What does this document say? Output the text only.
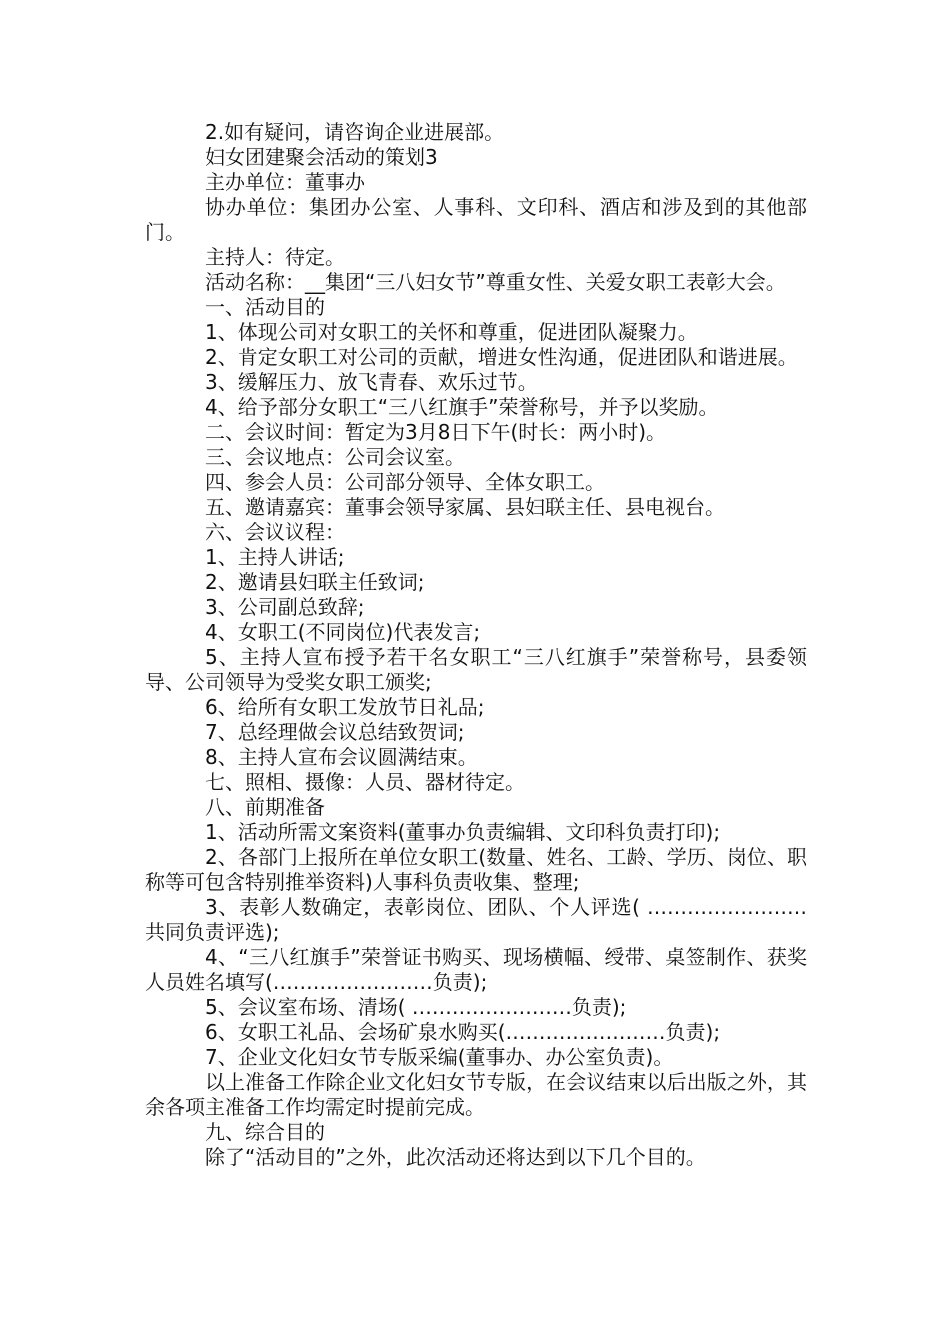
2.如有疑问，请咨询企业进展部。

妇女团建聚会活动的策划3

主办单位：董事办

协办单位：集团办公室、人事科、文印科、酒店和涉及到的其他部门。

主持人：待定。

活动名称：__集团“三八妇女节”尊重女性、关爱女职工表彰大会。

一、活动目的

1、体现公司对女职工的关怀和尊重，促进团队凝聚力。

2、肯定女职工对公司的贡献，增进女性沟通，促进团队和谐进展。

3、缓解压力、放飞青春、欢乐过节。

4、给予部分女职工“三八红旗手”荣誉称号，并予以奖励。

二、会议时间：暂定为3月8日下午(时长：两小时)。

三、会议地点：公司会议室。

四、参会人员：公司部分领导、全体女职工。

五、邀请嘉宾：董事会领导家属、县妇联主任、县电视台。

六、会议议程：

1、主持人讲话;

2、邀请县妇联主任致词;

3、公司副总致辞;

4、女职工(不同岗位)代表发言;

5、主持人宣布授予若干名女职工“三八红旗手”荣誉称号，县委领导、公司领导为受奖女职工颁奖;

6、给所有女职工发放节日礼品;

7、总经理做会议总结致贺词;

8、主持人宣布会议圆满结束。

七、照相、摄像：人员、器材待定。

八、前期准备

1、活动所需文案资料(董事办负责编辑、文印科负责打印);

2、各部门上报所在单位女职工(数量、姓名、工龄、学历、岗位、职称等可包含特别推举资料)人事科负责收集、整理;

3、表彰人数确定，表彰岗位、团队、个人评选( ……………………共同负责评选);

4、“三八红旗手”荣誉证书购买、现场横幅、绶带、桌签制作、获奖人员姓名填写(……………………负责);

5、会议室布场、清场( ……………………负责);

6、女职工礼品、会场矿泉水购买(……………………负责);

7、企业文化妇女节专版采编(董事办、办公室负责)。

以上准备工作除企业文化妇女节专版，在会议结束以后出版之外，其余各项主准备工作均需定时提前完成。

九、综合目的

除了“活动目的”之外，此次活动还将达到以下几个目的。
